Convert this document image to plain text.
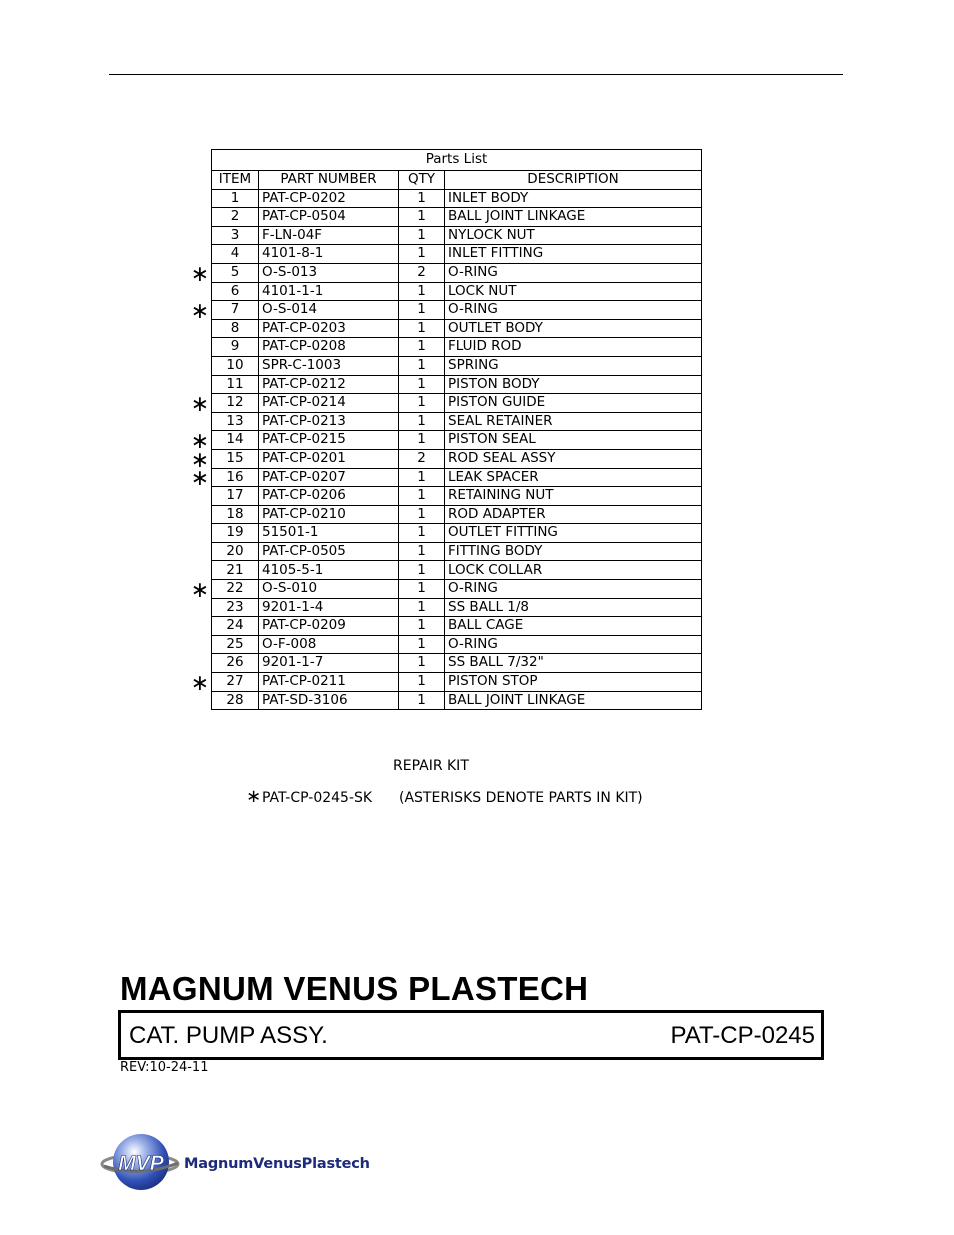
∗
∗
∗
∗
∗
∗
∗
∗
Parts List			
ITEM	PART NUMBER	QTY	DESCRIPTION
1	PAT-CP-0202	1	INLET BODY
2	PAT-CP-0504	1	BALL JOINT LINKAGE
3	F-LN-04F	1	NYLOCK NUT
4	4101-8-1	1	INLET FITTING
5	O-S-013	2	O-RING
6	4101-1-1	1	LOCK NUT
7	O-S-014	1	O-RING
8	PAT-CP-0203	1	OUTLET BODY
9	PAT-CP-0208	1	FLUID ROD
10	SPR-C-1003	1	SPRING
11	PAT-CP-0212	1	PISTON BODY
12	PAT-CP-0214	1	PISTON GUIDE
13	PAT-CP-0213	1	SEAL RETAINER
14	PAT-CP-0215	1	PISTON SEAL
15	PAT-CP-0201	2	ROD SEAL ASSY
16	PAT-CP-0207	1	LEAK SPACER
17	PAT-CP-0206	1	RETAINING NUT
18	PAT-CP-0210	1	ROD ADAPTER
19	51501-1	1	OUTLET FITTING
20	PAT-CP-0505	1	FITTING BODY
21	4105-5-1	1	LOCK COLLAR
22	O-S-010	1	O-RING
23	9201-1-4	1	SS BALL 1/8
24	PAT-CP-0209	1	BALL CAGE
25	O-F-008	1	O-RING
26	9201-1-7	1	SS BALL 7/32"
27	PAT-CP-0211	1	PISTON STOP
28	PAT-SD-3106	1	BALL JOINT LINKAGE
REPAIR KIT
∗PAT-CP-0245-SK (ASTERISKS DENOTE PARTS IN KIT)
MAGNUM VENUS PLASTECH
CAT. PUMP ASSY.	PAT-CP-0245
REV:10-24-11
MVP MagnumVenusPlastech
